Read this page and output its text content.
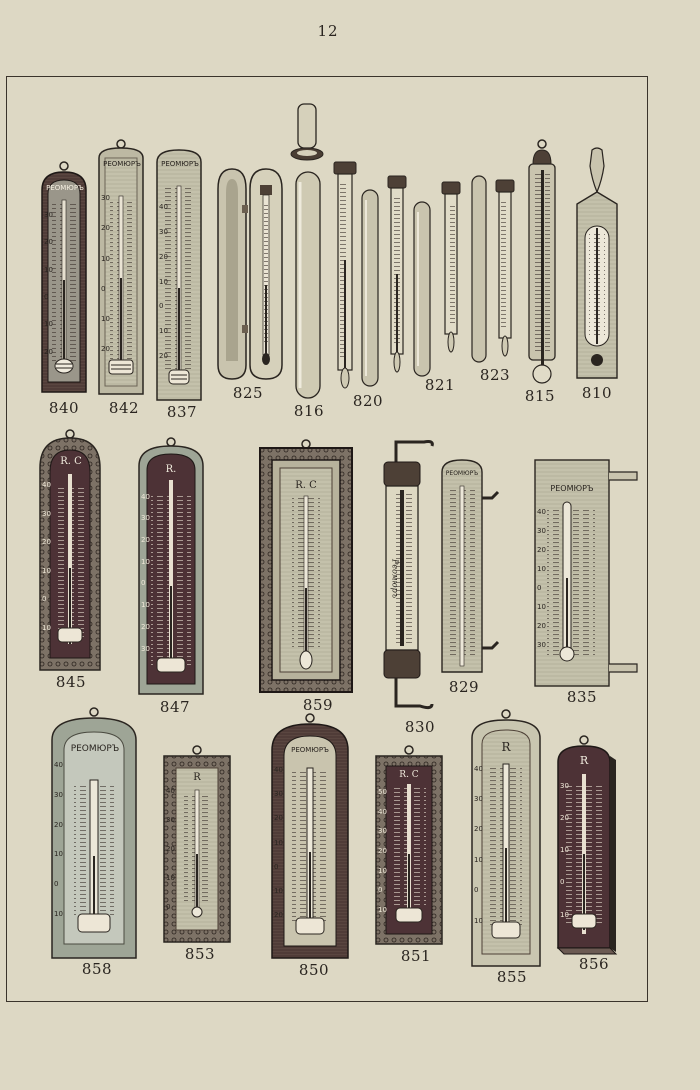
12
РЕОМЮРЪ
840
РЕОМЮРЪ
842
РЕОМЮРЪ
837
825
816
820
821
823
815	810
R. C
845
R.
847
R. C
859
Реомюръ
830
РЕОМЮРЪ
829
РЕОМЮРЪ
835
РЕОМЮРЪ
858
R
853
РЕОМЮРЪ
850
R. C
851
R
855
R
856
30
20
10
0
10
20
30
20
10
0
10
20
40
30
20
10
0
10
20
40
30
20
10
0
10
40
30
20
10
0
10
20
30
40
30
20
10
0
10
20
30
40
30
20
10
0
10
40
30
20
10
0
40
30
20
10
0
10
20
50
40
30
20
10
0
10
40
30
20
10
0
10
30
20
10
0
10
